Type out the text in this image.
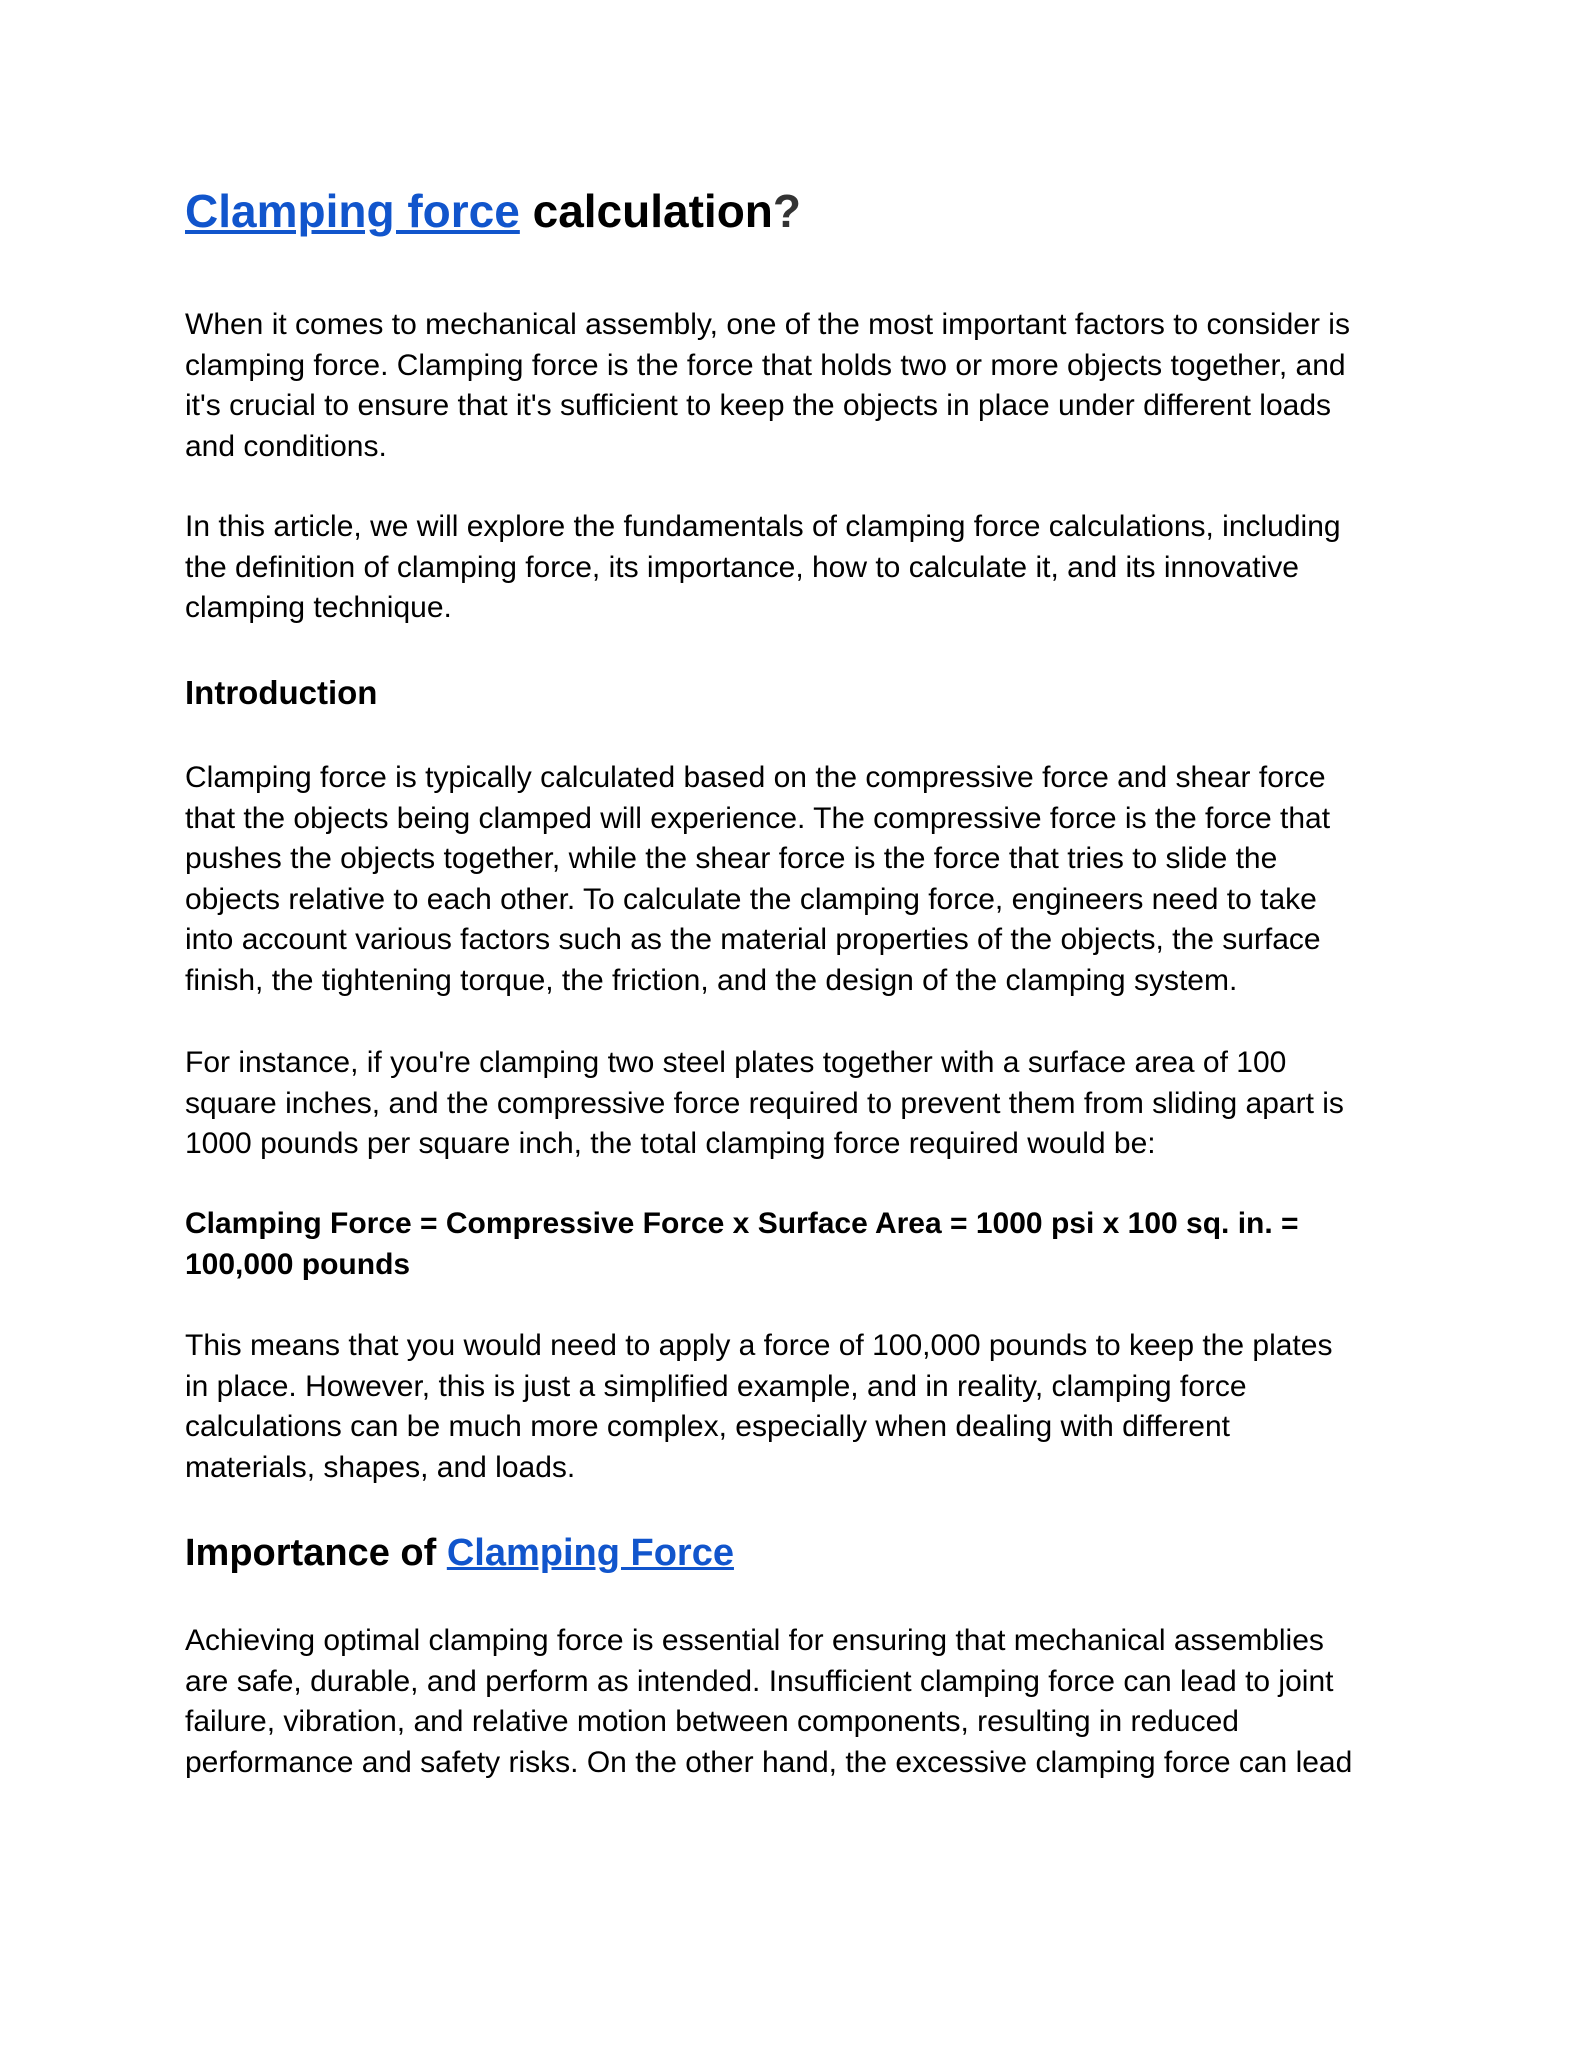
Clamping force calculation?
When it comes to mechanical assembly, one of the most important factors to consider is
clamping force. Clamping force is the force that holds two or more objects together, and
it's crucial to ensure that it's sufficient to keep the objects in place under different loads
and conditions.
In this article, we will explore the fundamentals of clamping force calculations, including
the definition of clamping force, its importance, how to calculate it, and its innovative
clamping technique.
Introduction
Clamping force is typically calculated based on the compressive force and shear force
that the objects being clamped will experience. The compressive force is the force that
pushes the objects together, while the shear force is the force that tries to slide the
objects relative to each other. To calculate the clamping force, engineers need to take
into account various factors such as the material properties of the objects, the surface
finish, the tightening torque, the friction, and the design of the clamping system.
For instance, if you're clamping two steel plates together with a surface area of 100
square inches, and the compressive force required to prevent them from sliding apart is
1000 pounds per square inch, the total clamping force required would be:
Clamping Force = Compressive Force x Surface Area = 1000 psi x 100 sq. in. =
100,000 pounds
This means that you would need to apply a force of 100,000 pounds to keep the plates
in place. However, this is just a simplified example, and in reality, clamping force
calculations can be much more complex, especially when dealing with different
materials, shapes, and loads.
Importance of Clamping Force
Achieving optimal clamping force is essential for ensuring that mechanical assemblies
are safe, durable, and perform as intended. Insufficient clamping force can lead to joint
failure, vibration, and relative motion between components, resulting in reduced
performance and safety risks. On the other hand, the excessive clamping force can lead
